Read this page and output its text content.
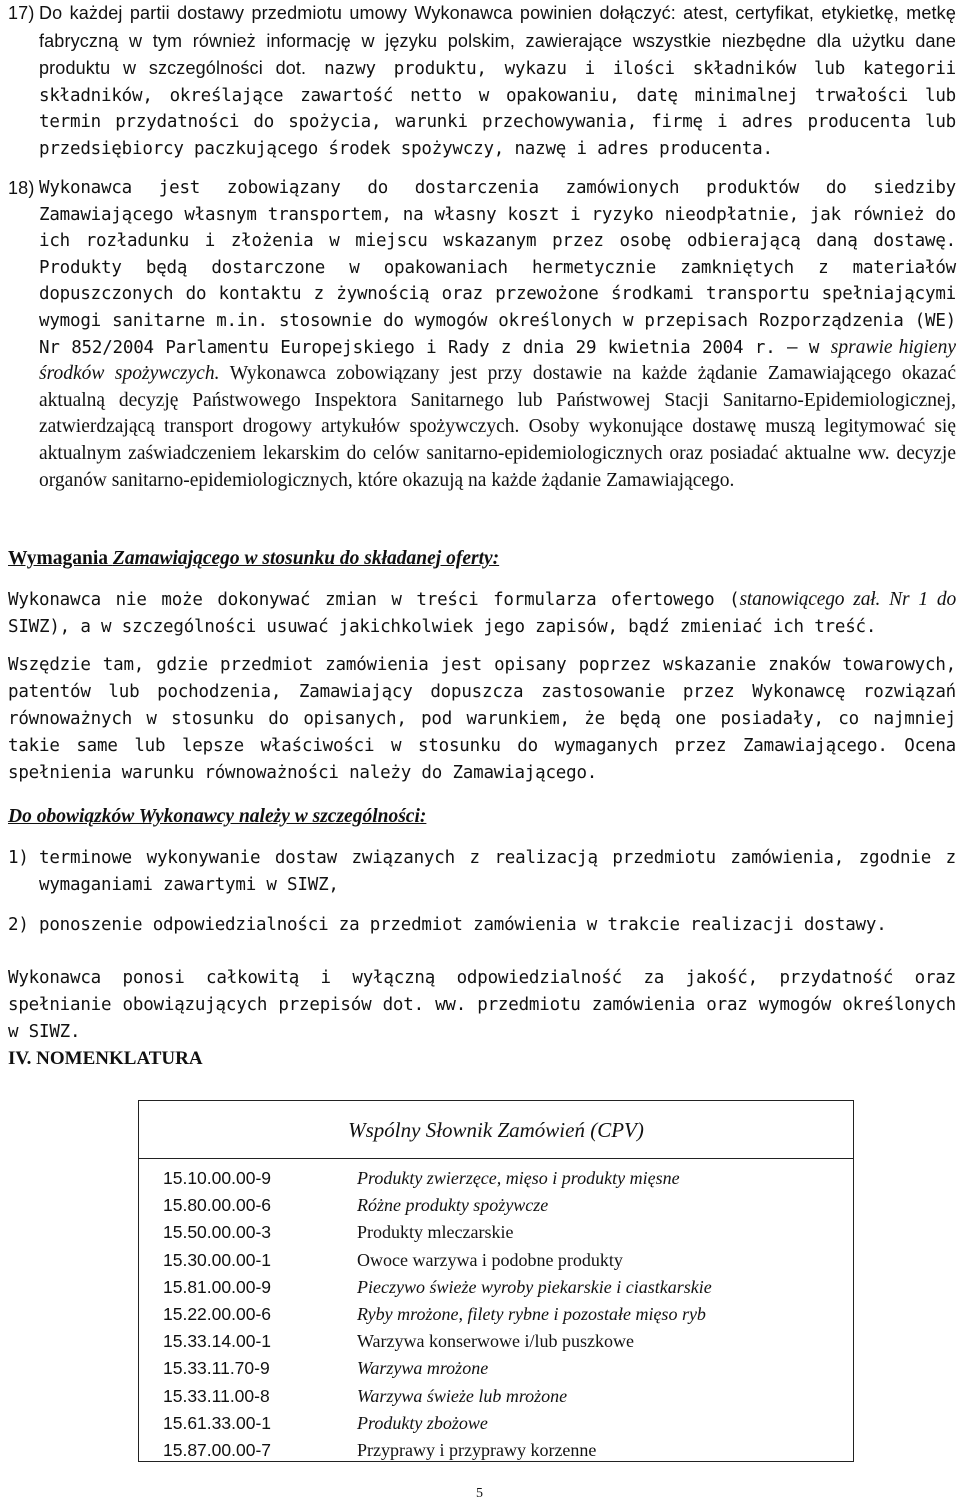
17) Do każdej partii dostawy przedmiotu umowy Wykonawca powinien dołączyć: atest, certyfikat, etykietkę, metkę fabryczną w tym również informację w języku polskim, zawierające wszystkie niezbędne dla użytku dane produktu w szczególności dot. nazwy produktu, wykazu i ilości składników lub kategorii składników, określające zawartość netto w opakowaniu, datę minimalnej trwałości lub termin przydatności do spożycia, warunki przechowywania, firmę i adres producenta lub przedsiębiorcy paczkującego środek spożywczy, nazwę i adres producenta.
18) Wykonawca jest zobowiązany do dostarczenia zamówionych produktów do siedziby Zamawiającego własnym transportem, na własny koszt i ryzyko nieodpłatnie, jak również do ich rozładunku i złożenia w miejscu wskazanym przez osobę odbierającą daną dostawę. Produkty będą dostarczone w opakowaniach hermetycznie zamkniętych z materiałów dopuszczonych do kontaktu z żywnością oraz przewożone środkami transportu spełniającymi wymogi sanitarne m.in. stosownie do wymogów określonych w przepisach Rozporządzenia (WE) Nr 852/2004 Parlamentu Europejskiego i Rady z dnia 29 kwietnia 2004 r. – w sprawie higieny środków spożywczych. Wykonawca zobowiązany jest przy dostawie na każde żądanie Zamawiającego okazać aktualną decyzję Państwowego Inspektora Sanitarnego lub Państwowej Stacji Sanitarno-Epidemiologicznej, zatwierdzającą transport drogowy artykułów spożywczych. Osoby wykonujące dostawę muszą legitymować się aktualnym zaświadczeniem lekarskim do celów sanitarno-epidemiologicznych oraz posiadać aktualne ww. decyzje organów sanitarno-epidemiologicznych, które okazują na każde żądanie Zamawiającego.
Wymagania Zamawiającego w stosunku do składanej oferty:
Wykonawca nie może dokonywać zmian w treści formularza ofertowego (stanowiącego zał. Nr 1 do SIWZ), a w szczególności usuwać jakichkolwiek jego zapisów, bądź zmieniać ich treść.
Wszędzie tam, gdzie przedmiot zamówienia jest opisany poprzez wskazanie znaków towarowych, patentów lub pochodzenia, Zamawiający dopuszcza zastosowanie przez Wykonawcę rozwiązań równoważnych w stosunku do opisanych, pod warunkiem, że będą one posiadały, co najmniej takie same lub lepsze właściwości w stosunku do wymaganych przez Zamawiającego. Ocena spełnienia warunku równoważności należy do Zamawiającego.
Do obowiązków Wykonawcy należy w szczególności:
1) terminowe wykonywanie dostaw związanych z realizacją przedmiotu zamówienia, zgodnie z wymaganiami zawartymi w SIWZ,
2) ponoszenie odpowiedzialności za przedmiot zamówienia w trakcie realizacji dostawy.
Wykonawca ponosi całkowitą i wyłączną odpowiedzialność za jakość, przydatność oraz spełnianie obowiązujących przepisów dot. ww. przedmiotu zamówienia oraz wymogów określonych w SIWZ.
IV. NOMENKLATURA
Wspólny Słownik Zamówień (CPV)
15.10.00.00-9	Produkty zwierzęce, mięso i produkty mięsne
15.80.00.00-6	Różne produkty spożywcze
15.50.00.00-3	Produkty mleczarskie
15.30.00.00-1	Owoce warzywa i podobne produkty
15.81.00.00-9	Pieczywo świeże wyroby piekarskie i ciastkarskie
15.22.00.00-6	Ryby mrożone, filety rybne i pozostałe mięso ryb
15.33.14.00-1	Warzywa konserwowe i/lub puszkowe
15.33.11.70-9	Warzywa mrożone
15.33.11.00-8	Warzywa świeże lub mrożone
15.61.33.00-1	Produkty zbożowe
15.87.00.00-7	Przyprawy i przyprawy korzenne
5
